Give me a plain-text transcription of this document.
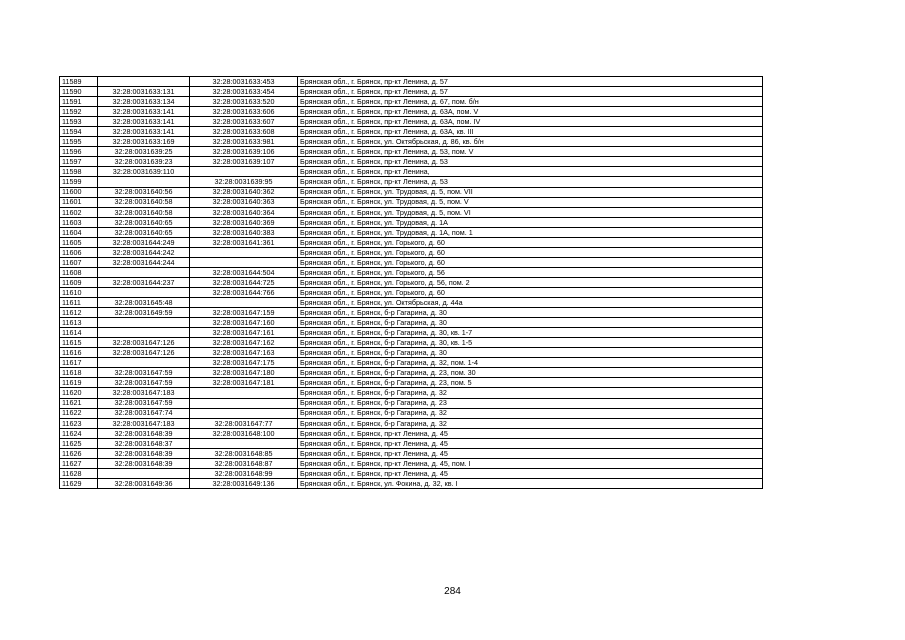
11589		32:28:0031633:453	Брянская обл., г. Брянск, пр-кт Ленина, д. 57
11590	32:28:0031633:131	32:28:0031633:454	Брянская обл., г. Брянск, пр-кт Ленина, д. 57
11591	32:28:0031633:134	32:28:0031633:520	Брянская обл., г. Брянск, пр-кт Ленина, д. 67, пом. б/н
11592	32:28:0031633:141	32:28:0031633:606	Брянская обл., г. Брянск, пр-кт Ленина, д. 63А, пом. V
11593	32:28:0031633:141	32:28:0031633:607	Брянская обл., г. Брянск, пр-кт Ленина, д. 63А, пом. IV
11594	32:28:0031633:141	32:28:0031633:608	Брянская обл., г. Брянск, пр-кт Ленина, д. 63А, кв. III
11595	32:28:0031633:169	32:28:0031633:981	Брянская обл., г. Брянск, ул. Октябрьская, д. 86, кв. б/н
11596	32:28:0031639:25	32:28:0031639:106	Брянская обл., г. Брянск, пр-кт Ленина, д. 53, пом. V
11597	32:28:0031639:23	32:28:0031639:107	Брянская обл., г. Брянск, пр-кт Ленина, д. 53
11598	32:28:0031639:110		Брянская обл., г. Брянск, пр-кт Ленина,
11599		32:28:0031639:95	Брянская обл., г. Брянск, пр-кт Ленина, д. 53
11600	32:28:0031640:56	32:28:0031640:362	Брянская обл., г. Брянск, ул. Трудовая, д. 5, пом. VII
11601	32:28:0031640:58	32:28:0031640:363	Брянская обл., г. Брянск, ул. Трудовая, д. 5, пом. V
11602	32:28:0031640:58	32:28:0031640:364	Брянская обл., г. Брянск, ул. Трудовая, д. 5, пом. VI
11603	32:28:0031640:65	32:28:0031640:369	Брянская обл., г. Брянск, ул. Трудовая, д. 1А
11604	32:28:0031640:65	32:28:0031640:383	Брянская обл., г. Брянск, ул. Трудовая, д. 1А, пом. 1
11605	32:28:0031644:249	32:28:0031641:361	Брянская обл., г. Брянск, ул. Горького, д. 60
11606	32:28:0031644:242		Брянская обл., г. Брянск, ул. Горького, д. 60
11607	32:28:0031644:244		Брянская обл., г. Брянск, ул. Горького, д. 60
11608		32:28:0031644:504	Брянская обл., г. Брянск, ул. Горького, д. 56
11609	32:28:0031644:237	32:28:0031644:725	Брянская обл., г. Брянск, ул. Горького, д. 56, пом. 2
11610		32:28:0031644:766	Брянская обл., г. Брянск, ул. Горького, д. 60
11611	32:28:0031645:48		Брянская обл., г. Брянск, ул. Октябрьская, д. 44а
11612	32:28:0031649:59	32:28:0031647:159	Брянская обл., г. Брянск, б-р Гагарина, д. 30
11613		32:28:0031647:160	Брянская обл., г. Брянск, б-р Гагарина, д. 30
11614		32:28:0031647:161	Брянская обл., г. Брянск, б-р Гагарина, д. 30, кв. 1-7
11615	32:28:0031647:126	32:28:0031647:162	Брянская обл., г. Брянск, б-р Гагарина, д. 30, кв. 1-5
11616	32:28:0031647:126	32:28:0031647:163	Брянская обл., г. Брянск, б-р Гагарина, д. 30
11617		32:28:0031647:175	Брянская обл., г. Брянск, б-р Гагарина, д. 32, пом. 1-4
11618	32:28:0031647:59	32:28:0031647:180	Брянская обл., г. Брянск, б-р Гагарина, д. 23, пом. 30
11619	32:28:0031647:59	32:28:0031647:181	Брянская обл., г. Брянск, б-р Гагарина, д. 23, пом. 5
11620	32:28:0031647:183		Брянская обл., г. Брянск, б-р Гагарина, д. 32
11621	32:28:0031647:59		Брянская обл., г. Брянск, б-р Гагарина, д. 23
11622	32:28:0031647:74		Брянская обл., г. Брянск, б-р Гагарина, д. 32
11623	32:28:0031647:183	32:28:0031647:77	Брянская обл., г. Брянск, б-р Гагарина, д. 32
11624	32:28:0031648:39	32:28:0031648:100	Брянская обл., г. Брянск, пр-кт Ленина, д. 45
11625	32:28:0031648:37		Брянская обл., г. Брянск, пр-кт Ленина, д. 45
11626	32:28:0031648:39	32:28:0031648:85	Брянская обл., г. Брянск, пр-кт Ленина, д. 45
11627	32:28:0031648:39	32:28:0031648:87	Брянская обл., г. Брянск, пр-кт Ленина, д. 45, пом. I
11628		32:28:0031648:99	Брянская обл., г. Брянск, пр-кт Ленина, д. 45
11629	32:28:0031649:36	32:28:0031649:136	Брянская обл., г. Брянск, ул. Фокина, д. 32, кв. I
284
